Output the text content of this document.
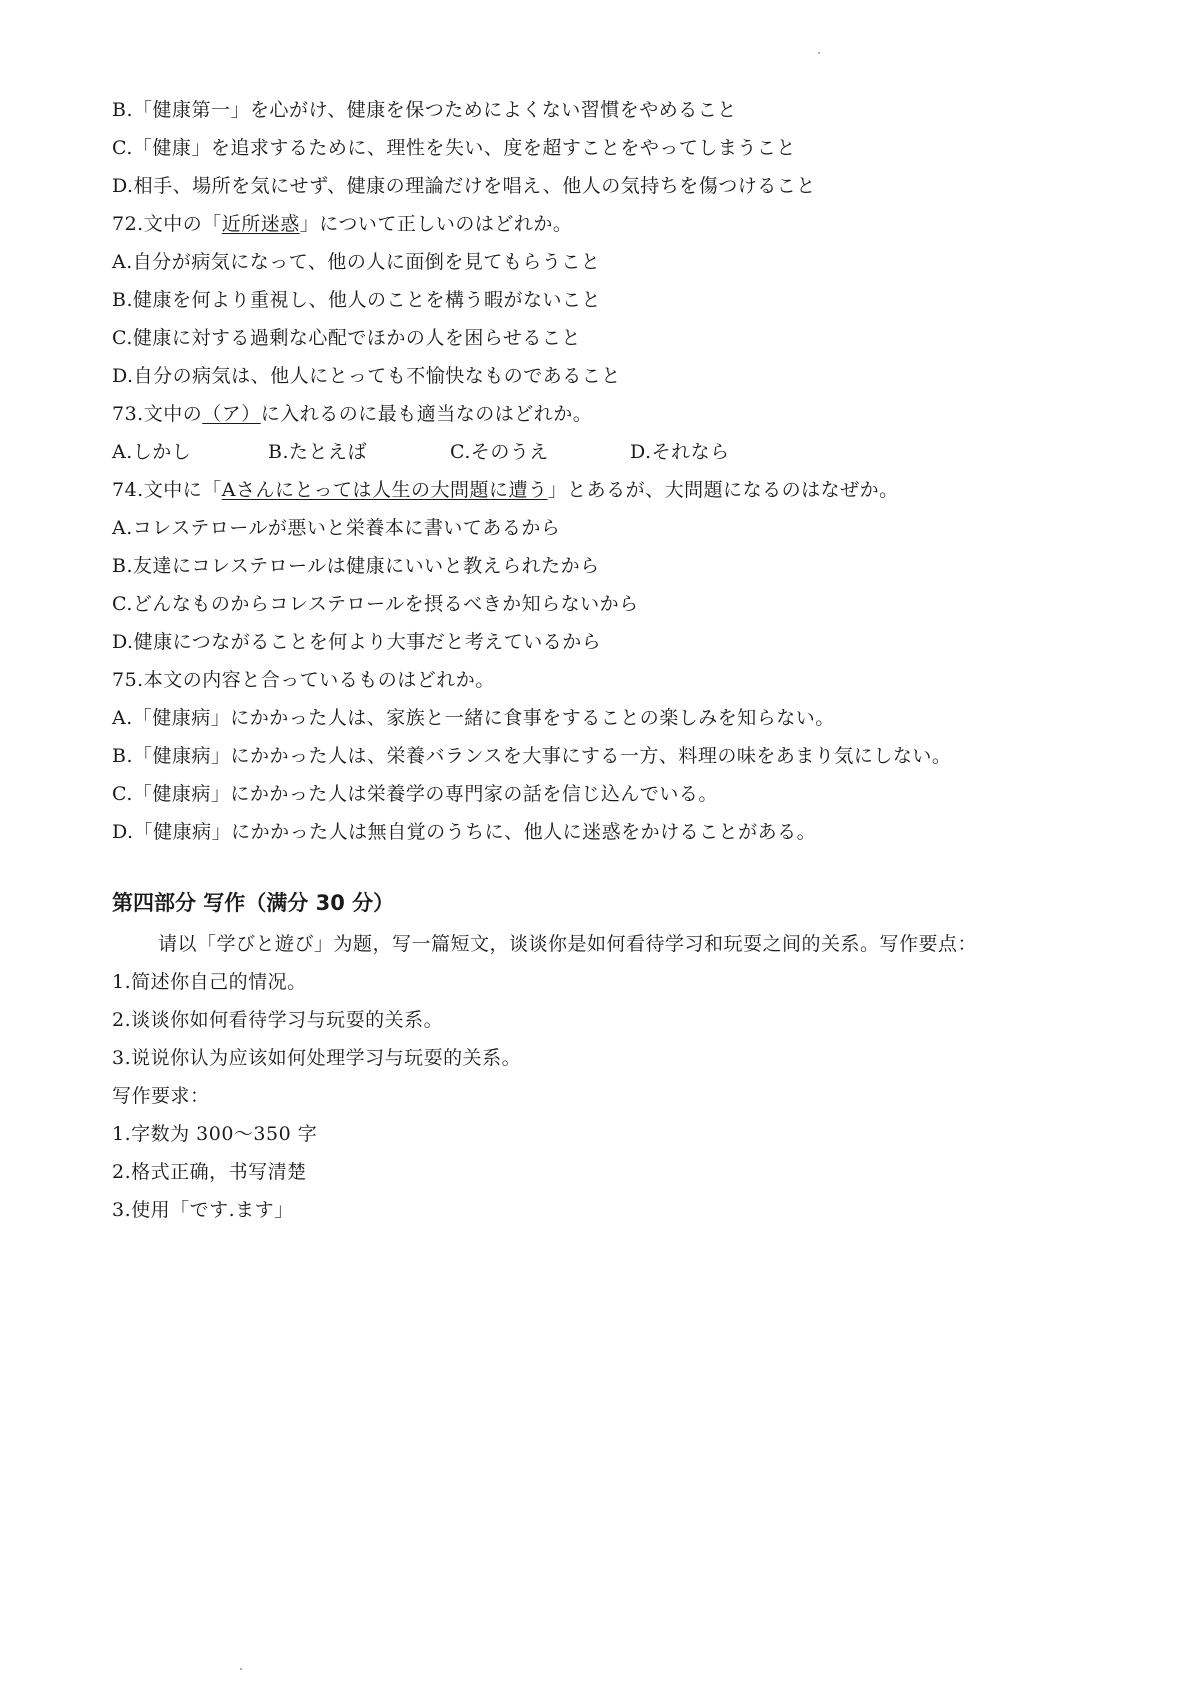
B.「健康第一」を心がけ、健康を保つためによくない習慣をやめること
C.「健康」を追求するために、理性を失い、度を超すことをやってしまうこと
D.相手、場所を気にせず、健康の理論だけを唱え、他人の気持ちを傷つけること
72.文中の「近所迷惑」について正しいのはどれか。
A.自分が病気になって、他の人に面倒を見てもらうこと
B.健康を何より重視し、他人のことを構う暇がないこと
C.健康に対する過剰な心配でほかの人を困らせること
D.自分の病気は、他人にとっても不愉快なものであること
73.文中の（ア）に入れるのに最も適当なのはどれか。
A.しかし	B.たとえば	C.そのうえ	D.それなら
74.文中に「Aさんにとっては人生の大問題に遭う」とあるが、大問題になるのはなぜか。
A.コレステロールが悪いと栄養本に書いてあるから
B.友達にコレステロールは健康にいいと教えられたから
C.どんなものからコレステロールを摂るべきか知らないから
D.健康につながることを何より大事だと考えているから
75.本文の内容と合っているものはどれか。
A.「健康病」にかかった人は、家族と一緒に食事をすることの楽しみを知らない。
B.「健康病」にかかった人は、栄養バランスを大事にする一方、料理の味をあまり気にしない。
C.「健康病」にかかった人は栄養学の専門家の話を信じ込んでいる。
D.「健康病」にかかった人は無自覚のうちに、他人に迷惑をかけることがある。
第四部分 写作（满分 30 分）
请以「学びと遊び」为题，写一篇短文，谈谈你是如何看待学习和玩耍之间的关系。写作要点：
1.简述你自己的情况。
2.谈谈你如何看待学习与玩耍的关系。
3.说说你认为应该如何处理学习与玩耍的关系。
写作要求：
1.字数为 300～350 字
2.格式正确，书写清楚
3.使用「です.ます」
